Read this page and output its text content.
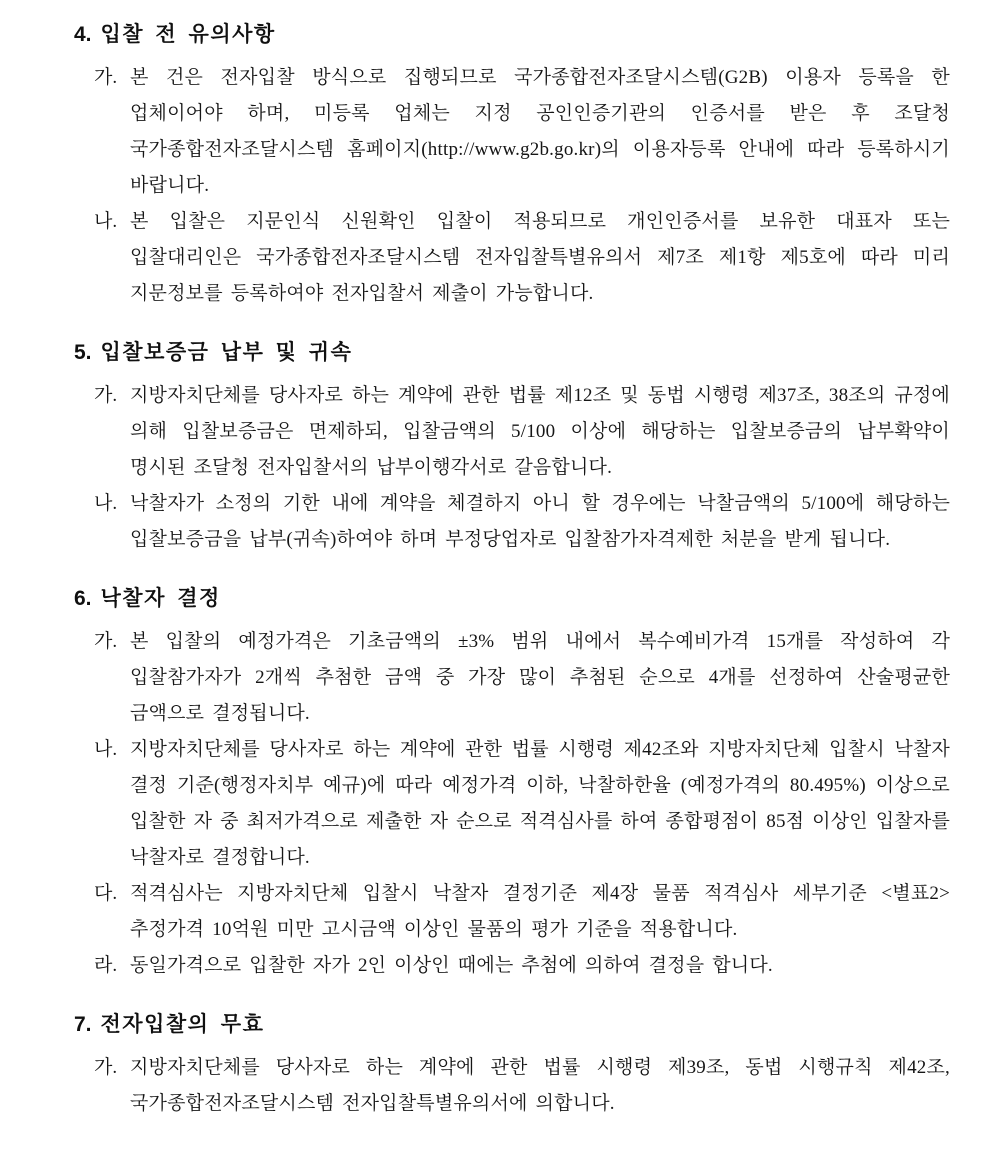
4. 입찰 전 유의사항
가. 본 건은 전자입찰 방식으로 집행되므로 국가종합전자조달시스템(G2B) 이용자 등록을 한 업체이어야 하며, 미등록 업체는 지정 공인인증기관의 인증서를 받은 후 조달청 국가종합전자조달시스템 홈페이지(http://www.g2b.go.kr)의 이용자등록 안내에 따라 등록하시기 바랍니다.

나. 본 입찰은 지문인식 신원확인 입찰이 적용되므로 개인인증서를 보유한 대표자 또는 입찰대리인은 국가종합전자조달시스템 전자입찰특별유의서 제7조 제1항 제5호에 따라 미리 지문정보를 등록하여야 전자입찰서 제출이 가능합니다.

5. 입찰보증금 납부 및 귀속
가. 지방자치단체를 당사자로 하는 계약에 관한 법률 제12조 및 동법 시행령 제37조, 38조의 규정에 의해 입찰보증금은 면제하되, 입찰금액의 5/100 이상에 해당하는 입찰보증금의 납부확약이 명시된 조달청 전자입찰서의 납부이행각서로 갈음합니다.

나. 낙찰자가 소정의 기한 내에 계약을 체결하지 아니 할 경우에는 낙찰금액의 5/100에 해당하는 입찰보증금을 납부(귀속)하여야 하며 부정당업자로 입찰참가자격제한 처분을 받게 됩니다.

6. 낙찰자 결정
가. 본 입찰의 예정가격은 기초금액의 ±3% 범위 내에서 복수예비가격 15개를 작성하여 각 입찰참가자가 2개씩 추첨한 금액 중 가장 많이 추첨된 순으로 4개를 선정하여 산술평균한 금액으로 결정됩니다.

나. 지방자치단체를 당사자로 하는 계약에 관한 법률 시행령 제42조와 지방자치단체 입찰시 낙찰자 결정 기준(행정자치부 예규)에 따라 예정가격 이하, 낙찰하한율 (예정가격의 80.495%) 이상으로 입찰한 자 중 최저가격으로 제출한 자 순으로 적격심사를 하여 종합평점이 85점 이상인 입찰자를 낙찰자로 결정합니다.

다. 적격심사는 지방자치단체 입찰시 낙찰자 결정기준 제4장 물품 적격심사 세부기준 <별표2> 추정가격 10억원 미만 고시금액 이상인 물품의 평가 기준을 적용합니다.

라. 동일가격으로 입찰한 자가 2인 이상인 때에는 추첨에 의하여 결정을 합니다.

7. 전자입찰의 무효
가. 지방자치단체를 당사자로 하는 계약에 관한 법률 시행령 제39조, 동법 시행규칙 제42조, 국가종합전자조달시스템 전자입찰특별유의서에 의합니다.
